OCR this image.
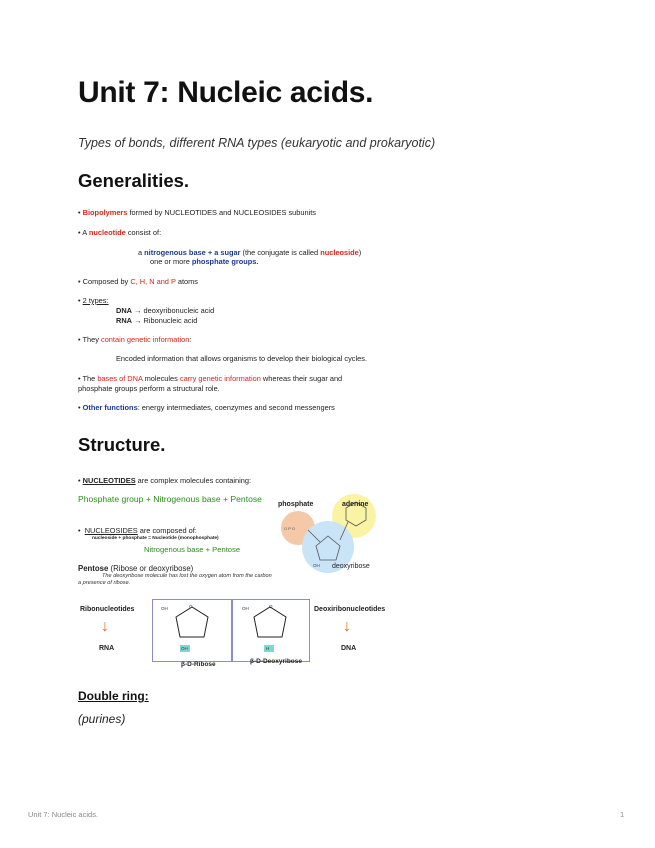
Unit 7: Nucleic acids.
Types of bonds, different RNA types (eukaryotic and prokaryotic)
Generalities.
• Biopolymers formed by NUCLEOTIDES and NUCLEOSIDES subunits
• A nucleotide consist of:
a nitrogenous base + a sugar (the conjugate is called nucleoside)
one or more phosphate groups.
• Composed by C, H, N and P atoms
• 2 types:
DNA → deoxyribonucleic acid
RNA → Ribonucleic acid
• They contain genetic information:
Encoded information that allows organisms to develop their biological cycles.
• The bases of DNA molecules carry genetic information whereas their sugar and
phosphate groups perform a structural role.
• Other functions: energy intermediates, coenzymes and second messengers
Structure.
• NUCLEOTIDES are complex molecules containing:
Phosphate group + Nitrogenous base + Pentose
• NUCLEOSIDES are composed of:
nucleoside + phosphate = Nucleotide (monophosphate)
Nitrogenous base + Pentose
Pentose (Ribose or deoxyribose)
The deoxyribose molecule has lost the oxygen atom from the carbon
a presence of ribose.
O P O
phosphate	adenine
deoxyribose
OH
Ribonucleotides
↓
RNA
Deoxiribonucleotides
↓
DNA
OH	O
OH
OH	O
H
β-D-Ribose	β-D-Deoxyribose
Double ring:
(purines)
Unit 7: Nucleic acids.	1
